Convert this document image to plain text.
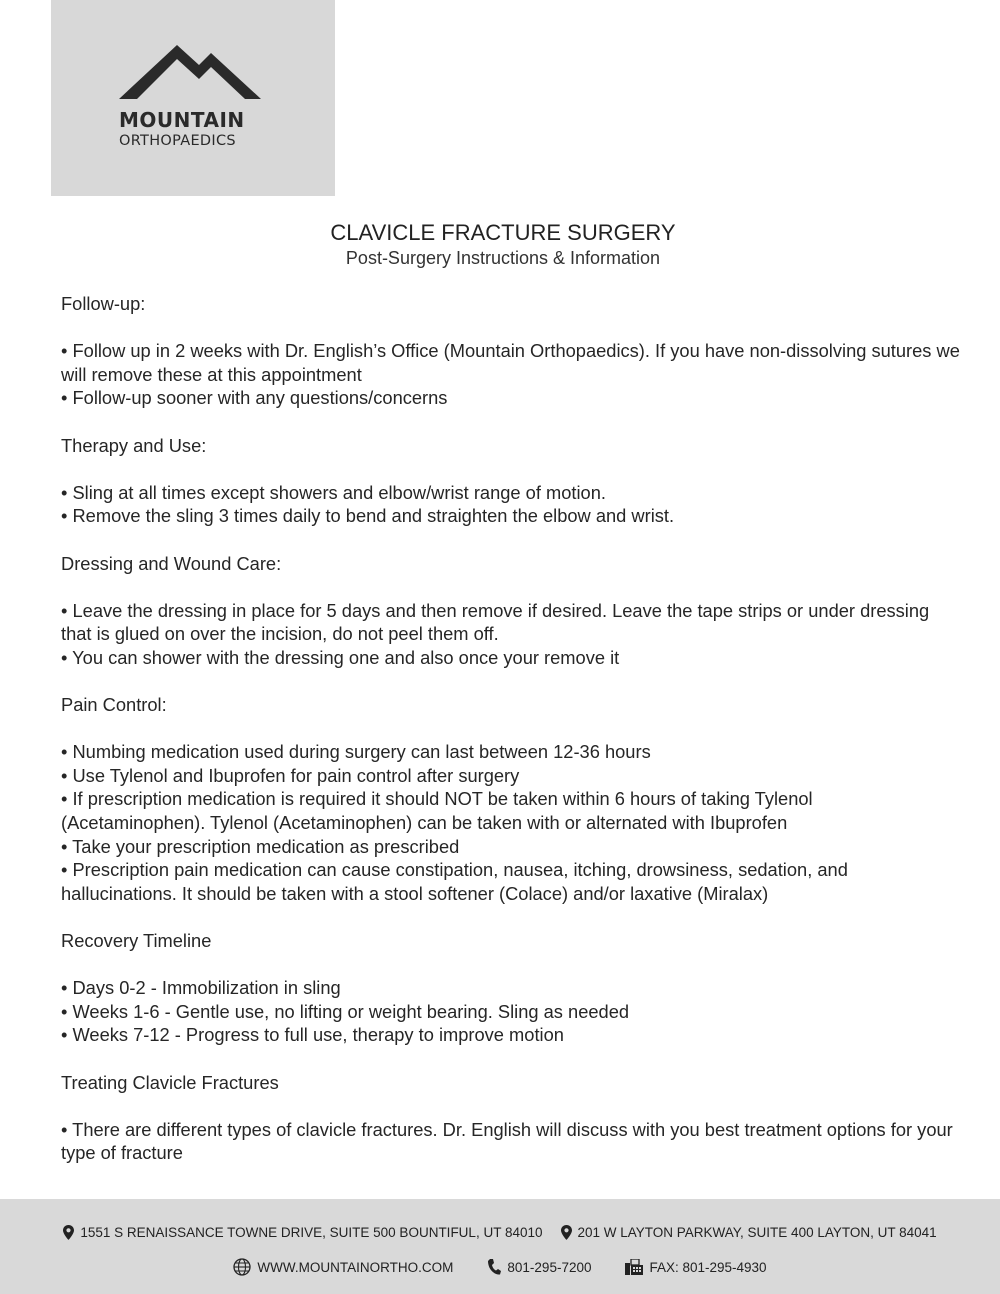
MOUNTAIN
ORTHOPAEDICS
CLAVICLE FRACTURE SURGERY
Post-Surgery Instructions & Information

Follow-up:

• Follow up in 2 weeks with Dr. English’s Office (Mountain Orthopaedics). If you have non-dissolving sutures we will remove these at this appointment

• Follow-up sooner with any questions/concerns

Therapy and Use:

• Sling at all times except showers and elbow/wrist range of motion.

• Remove the sling 3 times daily to bend and straighten the elbow and wrist.

Dressing and Wound Care:

• Leave the dressing in place for 5 days and then remove if desired. Leave the tape strips or under dressing that is glued on over the incision, do not peel them off.

• You can shower with the dressing one and also once your remove it

Pain Control:

• Numbing medication used during surgery can last between 12-36 hours

• Use Tylenol and Ibuprofen for pain control after surgery

• If prescription medication is required it should NOT be taken within 6 hours of taking Tylenol (Acetaminophen). Tylenol (Acetaminophen) can be taken with or alternated with Ibuprofen

• Take your prescription medication as prescribed

• Prescription pain medication can cause constipation, nausea, itching, drowsiness, sedation, and hallucinations. It should be taken with a stool softener (Colace) and/or laxative (Miralax)

Recovery Timeline

• Days 0-2 - Immobilization in sling

• Weeks 1-6 - Gentle use, no lifting or weight bearing. Sling as needed

• Weeks 7-12 - Progress to full use, therapy to improve motion

Treating Clavicle Fractures

• There are different types of clavicle fractures. Dr. English will discuss with you best treatment options for your type of fracture

1551 S RENAISSANCE TOWNE DRIVE, SUITE 500 BOUNTIFUL, UT 84010	201 W LAYTON PARKWAY, SUITE 400 LAYTON, UT 84041
WWW.MOUNTAINORTHO.COM	801-295-7200	FAX: 801-295-4930
